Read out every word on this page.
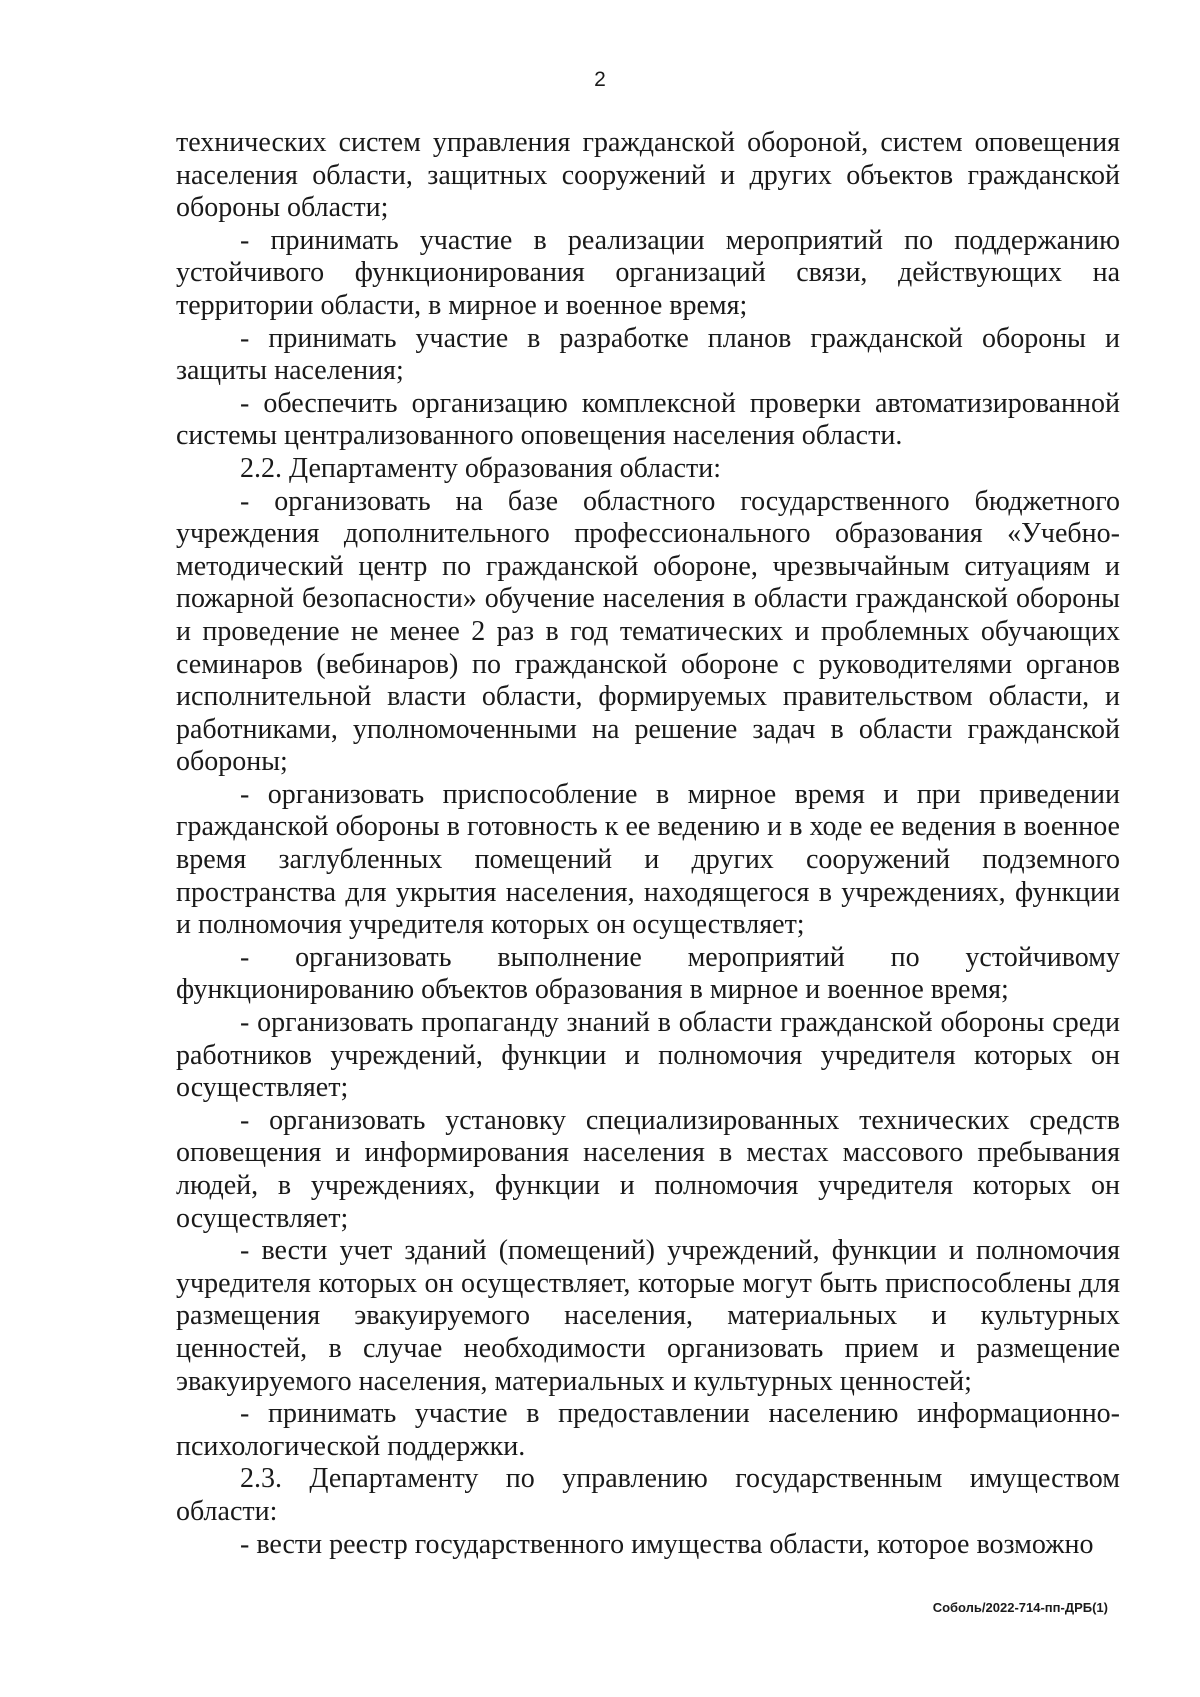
2

технических систем управления гражданской обороной, систем оповещения населения области, защитных сооружений и других объектов гражданской обороны области;

- принимать участие в реализации мероприятий по поддержанию устойчивого функционирования организаций связи, действующих на территории области, в мирное и военное время;

- принимать участие в разработке планов гражданской обороны и защиты населения;

- обеспечить организацию комплексной проверки автоматизированной системы централизованного оповещения населения области.

2.2. Департаменту образования области:

- организовать на базе областного государственного бюджетного учреждения дополнительного профессионального образования «Учебно-методический центр по гражданской обороне, чрезвычайным ситуациям и пожарной безопасности» обучение населения в области гражданской обороны и проведение не менее 2 раз в год тематических и проблемных обучающих семинаров (вебинаров) по гражданской обороне с руководителями органов исполнительной власти области, формируемых правительством области, и работниками, уполномоченными на решение задач в области гражданской обороны;

- организовать приспособление в мирное время и при приведении гражданской обороны в готовность к ее ведению и в ходе ее ведения в военное время заглубленных помещений и других сооружений подземного пространства для укрытия населения, находящегося в учреждениях, функции и полномочия учредителя которых он осуществляет;

- организовать выполнение мероприятий по устойчивому функционированию объектов образования в мирное и военное время;

- организовать пропаганду знаний в области гражданской обороны среди работников учреждений, функции и полномочия учредителя которых он осуществляет;

- организовать установку специализированных технических средств оповещения и информирования населения в местах массового пребывания людей, в учреждениях, функции и полномочия учредителя которых он осуществляет;

- вести учет зданий (помещений) учреждений, функции и полномочия учредителя которых он осуществляет, которые могут быть приспособлены для размещения эвакуируемого населения, материальных и культурных ценностей, в случае необходимости организовать прием и размещение эвакуируемого населения, материальных и культурных ценностей;

- принимать участие в предоставлении населению информационно-психологической поддержки.

2.3. Департаменту по управлению государственным имуществом области:

- вести реестр государственного имущества области, которое возможно

Соболь/2022-714-пп-ДРБ(1)
